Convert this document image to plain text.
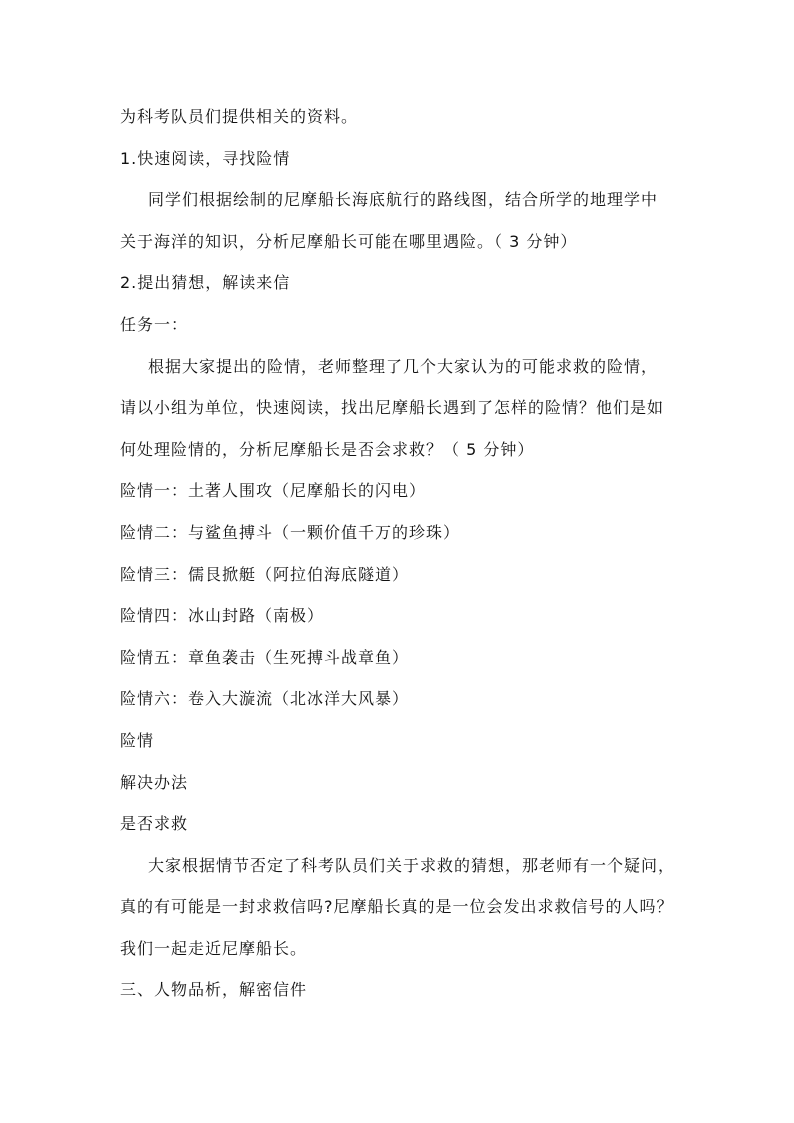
为科考队员们提供相关的资料。
1.快速阅读，寻找险情
同学们根据绘制的尼摩船长海底航行的路线图，结合所学的地理学中
关于海洋的知识，分析尼摩船长可能在哪里遇险。（ 3 分钟）
2.提出猜想，解读来信
任务一：
根据大家提出的险情，老师整理了几个大家认为的可能求救的险情，
请以小组为单位，快速阅读，找出尼摩船长遇到了怎样的险情？他们是如
何处理险情的，分析尼摩船长是否会求救？（ 5 分钟）
险情一：土著人围攻（尼摩船长的闪电）
险情二：与鲨鱼搏斗（一颗价值千万的珍珠）
险情三：儒艮掀艇（阿拉伯海底隧道）
险情四：冰山封路（南极）
险情五：章鱼袭击（生死搏斗战章鱼）
险情六：卷入大漩流（北冰洋大风暴）
险情
解决办法
是否求救
大家根据情节否定了科考队员们关于求救的猜想，那老师有一个疑问，
真的有可能是一封求救信吗?尼摩船长真的是一位会发出求救信号的人吗？
我们一起走近尼摩船长。
三、人物品析，解密信件
